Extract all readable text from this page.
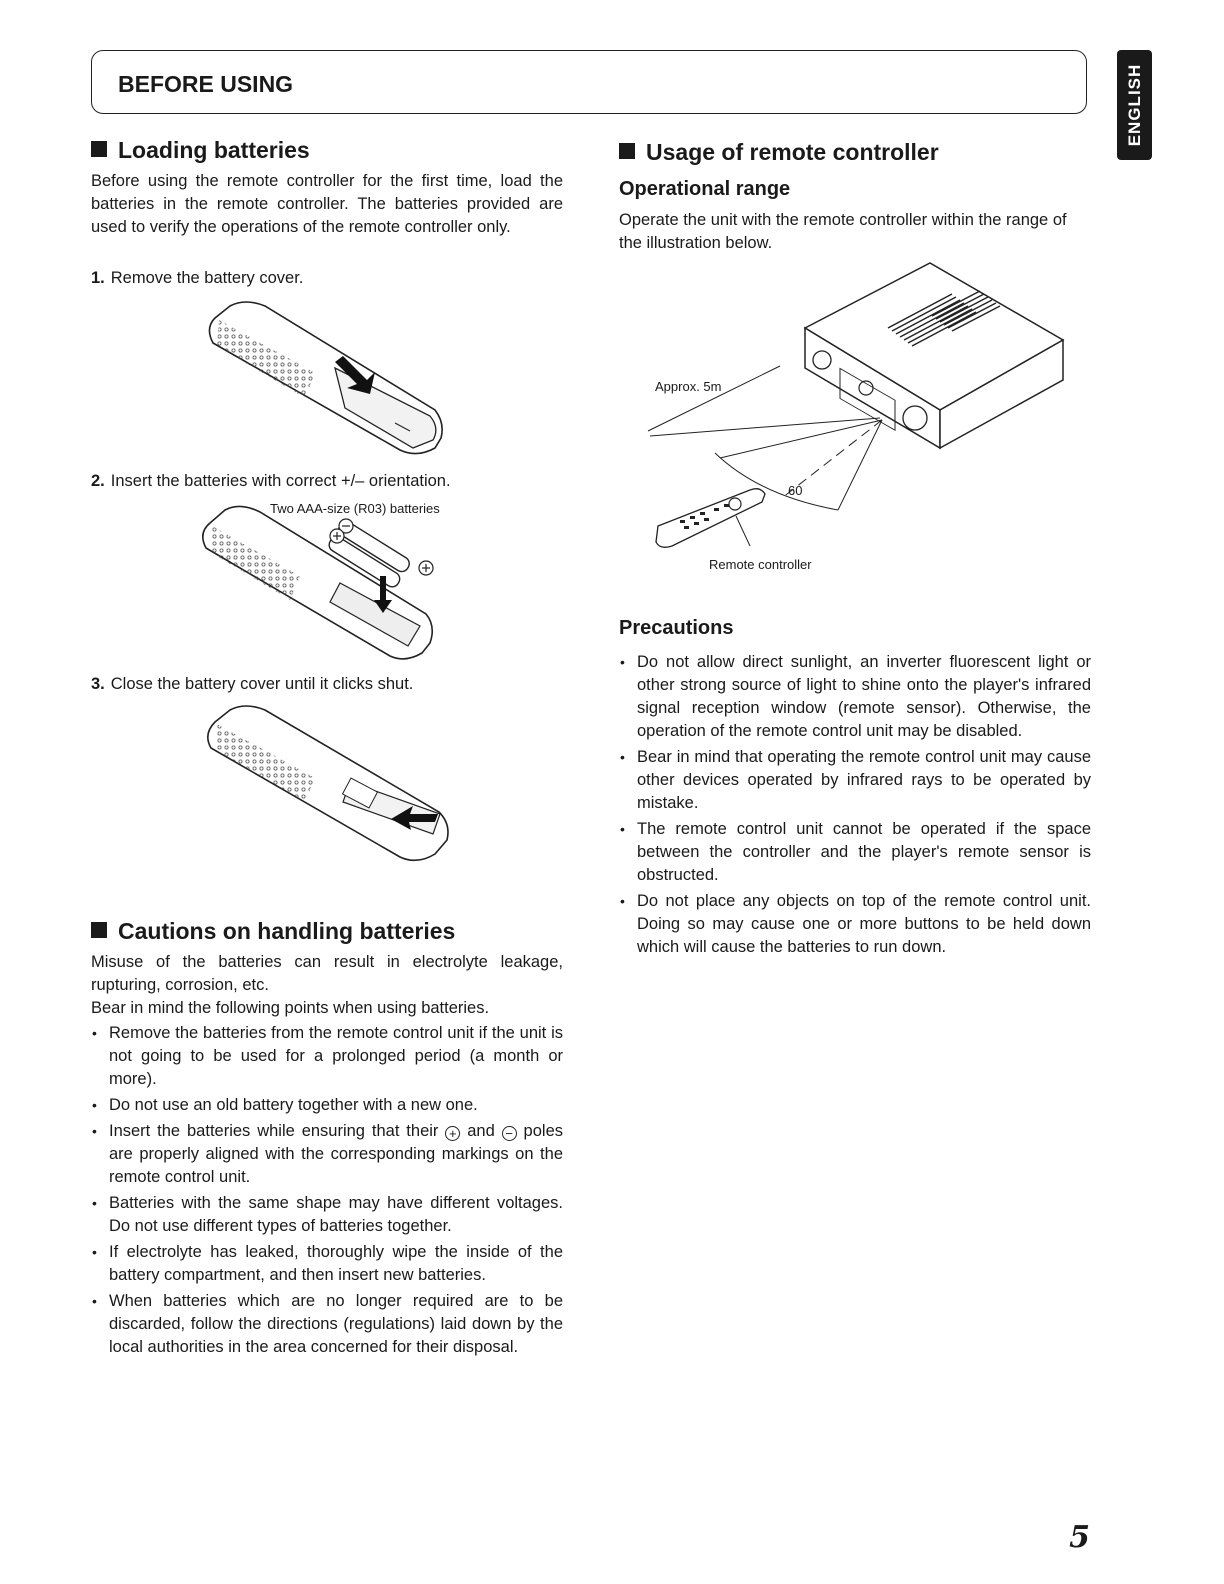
BEFORE USING	ENGLISH
Loading batteries
Before using the remote controller for the first time, load the batteries in the remote controller. The batteries provided are used to verify the operations of the remote controller only.
1. Remove the battery cover.
2. Insert the batteries with correct +/– orientation.
Two AAA-size (R03) batteries
3. Close the battery cover until it clicks shut.
Cautions on handling batteries
Misuse of the batteries can result in electrolyte leakage, rupturing, corrosion, etc.
Bear in mind the following points when using batteries.
• Remove the batteries from the remote control unit if the unit is not going to be used for a prolonged period (a month or more).
• Do not use an old battery together with a new one.
• Insert the batteries while ensuring that their + and − poles are properly aligned with the corresponding markings on the remote control unit.
• Batteries with the same shape may have different voltages. Do not use different types of batteries together.
• If electrolyte has leaked, thoroughly wipe the inside of the battery compartment, and then insert new batteries.
• When batteries which are no longer required are to be discarded, follow the directions (regulations) laid down by the local authorities in the area concerned for their disposal.
Usage of remote controller
Operational range
Operate the unit with the remote controller within the range of the illustration below.
Approx. 5m
60
Remote controller
Precautions
• Do not allow direct sunlight, an inverter fluorescent light or other strong source of light to shine onto the player's infrared signal reception window (remote sensor). Otherwise, the operation of the remote control unit may be disabled.
• Bear in mind that operating the remote control unit may cause other devices operated by infrared rays to be operated by mistake.
• The remote control unit cannot be operated if the space between the controller and the player's remote sensor is obstructed.
• Do not place any objects on top of the remote control unit. Doing so may cause one or more buttons to be held down which will cause the batteries to run down.
5
